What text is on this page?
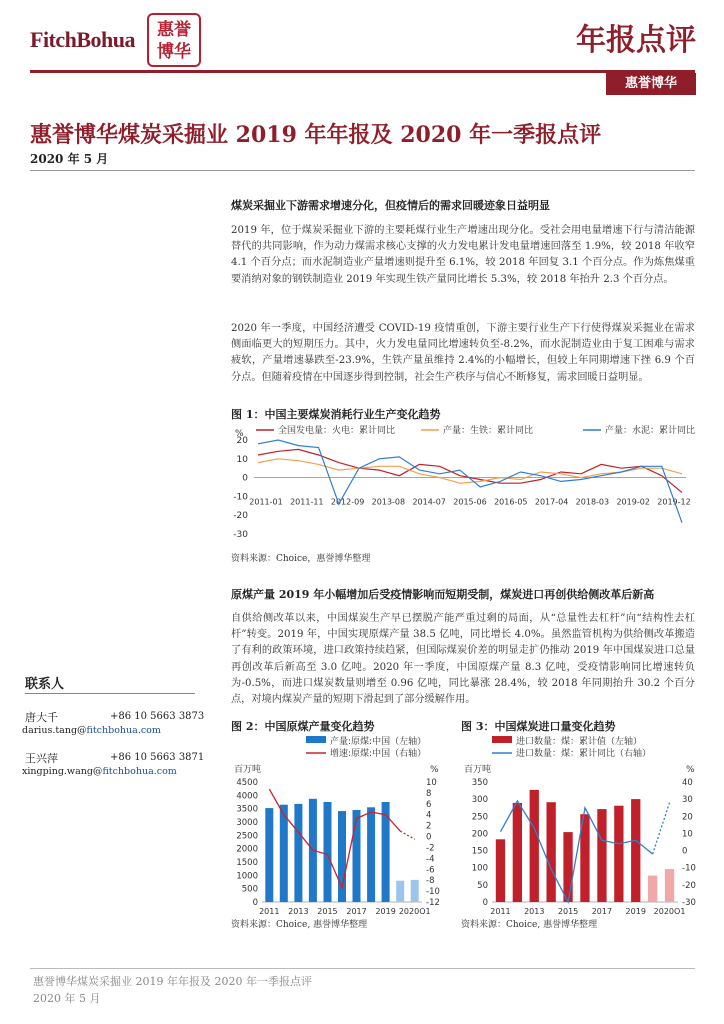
FitchBohua	惠誉
博华	年报点评
惠誉博华
惠誉博华煤炭采掘业 2019 年年报及 2020 年一季报点评
2020 年 5 月
煤炭采掘业下游需求增速分化，但疫情后的需求回暖迹象日益明显
2019 年，位于煤炭采掘业下游的主要耗煤行业生产增速出现分化。受社会用电量增速下行与清洁能源替代的共同影响，作为动力煤需求核心支撑的火力发电累计发电量增速回落至 1.9%，较 2018 年收窄 4.1 个百分点；而水泥制造业产量增速则提升至 6.1%，较 2018 年回复 3.1 个百分点。作为炼焦煤重要消纳对象的钢铁制造业 2019 年实现生铁产量同比增长 5.3%，较 2018 年抬升 2.3 个百分点。
2020 年一季度，中国经济遭受 COVID-19 疫情重创，下游主要行业生产下行使得煤炭采掘业在需求侧面临更大的短期压力。其中，火力发电量同比增速转负至-8.2%，而水泥制造业由于复工困难与需求疲软，产量增速暴跌至-23.9%，生铁产量虽维持 2.4%的小幅增长，但较上年同期增速下挫 6.9 个百分点。但随着疫情在中国逐步得到控制，社会生产秩序与信心不断修复，需求回暖日益明显。
图 1：中国主要煤炭消耗行业生产变化趋势
全国发电量：火电：累计同比	产量：生铁：累计同比	产量：水泥：累计同比
%
20
10
0
-10
-20
-30
2011-01 2011-11 2012-09 2013-08 2014-07 2015-06 2016-05 2017-04 2018-03 2019-02 2019-12
资料来源：Choice，惠誉博华整理
原煤产量 2019 年小幅增加后受疫情影响而短期受制，煤炭进口再创供给侧改革后新高
自供给侧改革以来，中国煤炭生产早已摆脱产能严重过剩的局面，从“总量性去杠杆”向“结构性去杠杆”转变。2019 年，中国实现原煤产量 38.5 亿吨，同比增长 4.0%。虽然监管机构为供给侧改革搬造了有利的政策环境，进口政策持续趋紧，但国际煤炭价差的明显走扩仍推动 2019 年中国煤炭进口总量再创改革后新高至 3.0 亿吨。2020 年一季度，中国原煤产量 8.3 亿吨，受疫情影响同比增速转负为-0.5%，而进口煤炭数量则增至 0.96 亿吨，同比暴涨 28.4%，较 2018 年同期抬升 30.2 个百分点，对境内煤炭产量的短期下滑起到了部分缓解作用。
联系人
唐大千	+86 10 5663 3873
darius.tang@fitchbohua.com
王兴萍	+86 10 5663 3871
xingping.wang@fitchbohua.com
图 2：中国原煤产量变化趋势
产量:原煤:中国（左轴）
增速:原煤:中国（右轴）
百万吨	%
4500
4000
3500
3000
2500
2000
1500
1000
500
0
10
8
6
4
2
0
-2
-4
-6
-8
-10
-12
2011 2013 2015 2017 2019 2020Q1
资料来源：Choice, 惠誉博华整理
图 3：中国煤炭进口量变化趋势
进口数量：煤：累计值（左轴）
进口数量：煤：累计同比（右轴）
百万吨	%
350
300
250
200
150
100
50
0
40
30
20
10
0
-10
-20
-30
2011 2013 2015 2017 2019 2020Q1
资料来源：Choice, 惠誉博华整理
惠誉博华煤炭采掘业 2019 年年报及 2020 年一季报点评
2020 年 5 月
